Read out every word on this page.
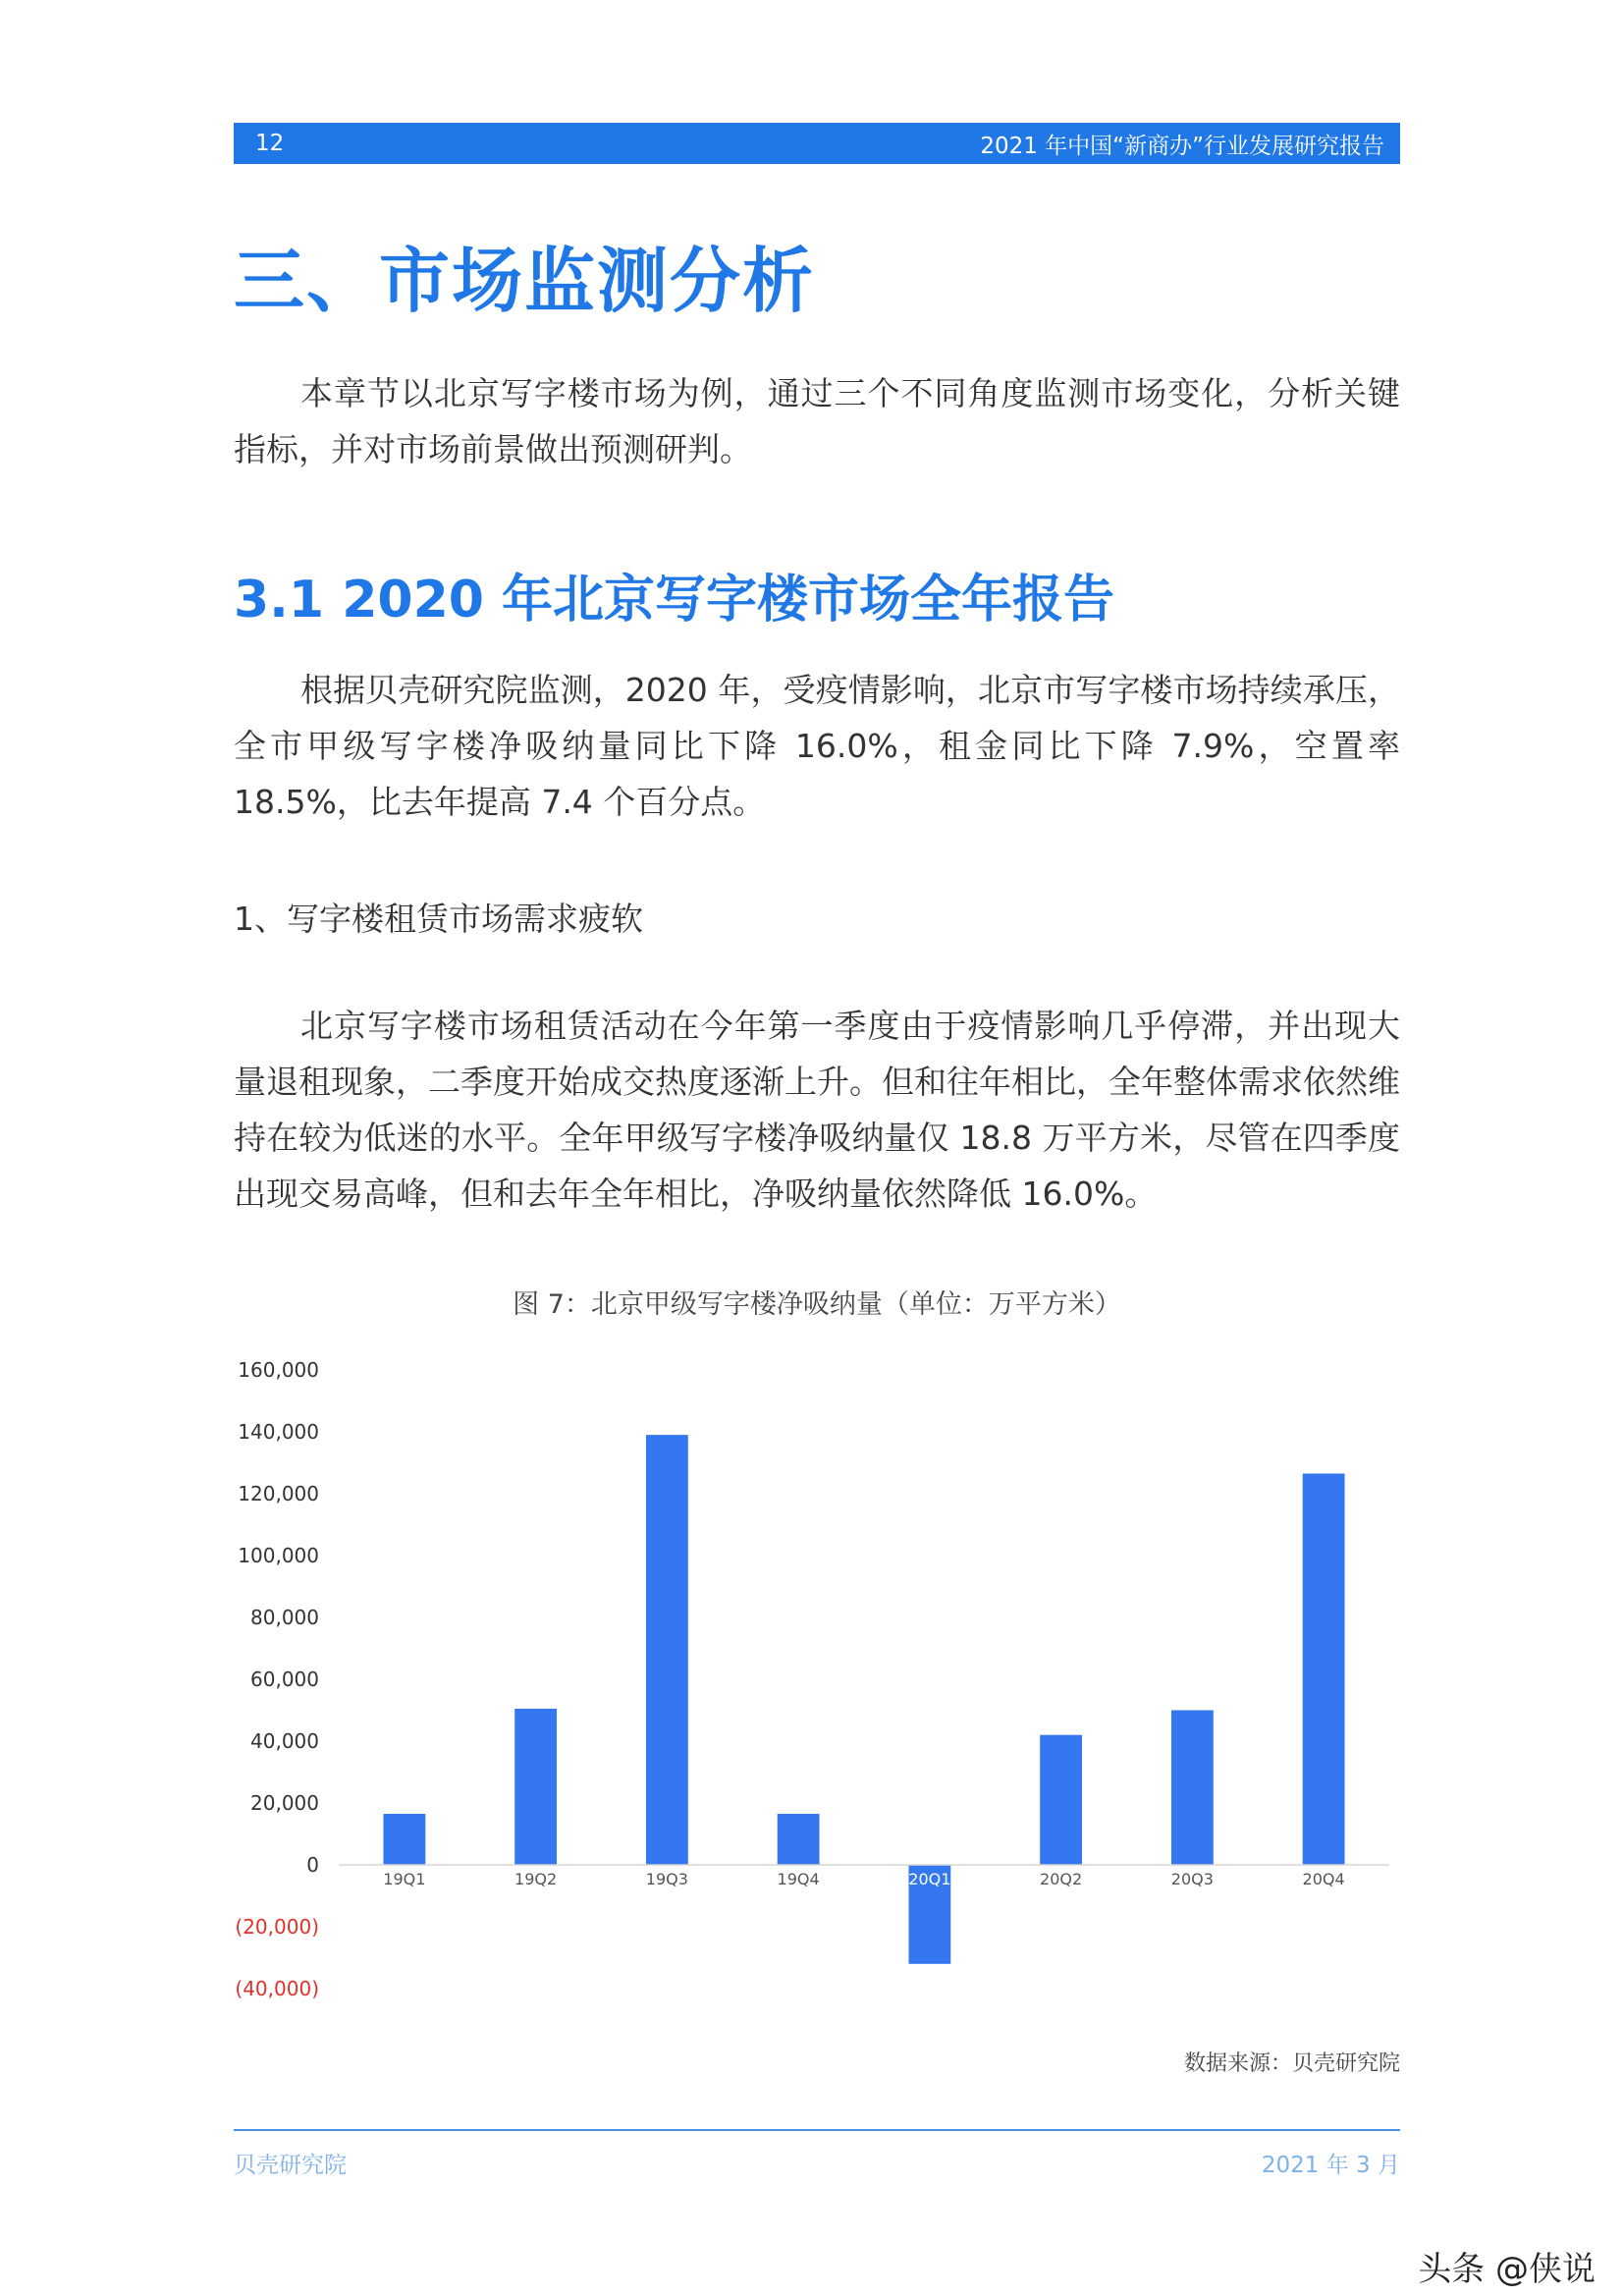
12	2021 年中国“新商办”行业发展研究报告
三、市场监测分析

本章节以北京写字楼市场为例，通过三个不同角度监测市场变化，分析关键指标，并对市场前景做出预测研判。

3.1 2020 年北京写字楼市场全年报告

根据贝壳研究院监测，2020 年，受疫情影响，北京市写字楼市场持续承压，全市甲级写字楼净吸纳量同比下降 16.0%，租金同比下降 7.9%，空置率 18.5%，比去年提高 7.4 个百分点。

1、写字楼租赁市场需求疲软

北京写字楼市场租赁活动在今年第一季度由于疫情影响几乎停滞，并出现大量退租现象，二季度开始成交热度逐渐上升。但和往年相比，全年整体需求依然维持在较为低迷的水平。全年甲级写字楼净吸纳量仅 18.8 万平方米，尽管在四季度出现交易高峰，但和去年全年相比，净吸纳量依然降低 16.0%。

图 7：北京甲级写字楼净吸纳量（单位：万平方米）
160,000
140,000
120,000
100,000
80,000
60,000
40,000
20,000
0
(20,000)
(40,000)
19Q1	19Q2	19Q3	19Q4	20Q1	20Q2	20Q3	20Q4
数据来源：贝壳研究院
贝壳研究院	2021 年 3 月
头条 @侠说
